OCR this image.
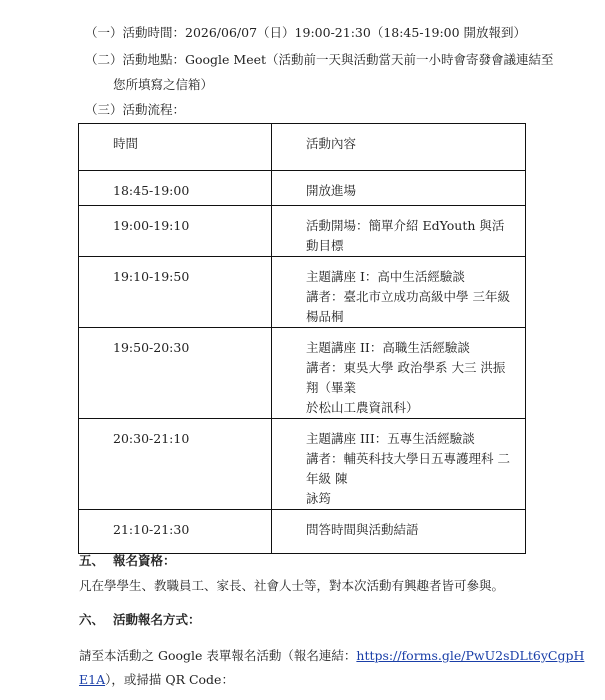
（一）活動時間：2026/06/07（日）19:00-21:30（18:45-19:00 開放報到）
（二）活動地點：Google Meet（活動前一天與活動當天前一小時會寄發會議連結至
您所填寫之信箱）
（三）活動流程：
時間	活動內容
18:45-19:00	開放進場

19:00-19:10	活動開場：簡單介紹 EdYouth 與活動目標

19:10-19:50	主題講座 I：高中生活經驗談
講者：臺北市立成功高級中學 三年級 楊品桐

19:50-20:30	主題講座 II：高職生活經驗談
講者：東吳大學 政治學系 大三 洪振翔（畢業
於松山工農資訊科）

20:30-21:10	主題講座 III：五專生活經驗談
講者：輔英科技大學日五專護理科 二年級 陳
詠筠

21:10-21:30	問答時間與活動結語
五、 報名資格：
凡在學學生、教職員工、家長、社會人士等，對本次活動有興趣者皆可參與。
六、 活動報名方式：
請至本活動之 Google 表單報名活動（報名連結：https://forms.gle/PwU2sDLt6yCgpH
E1A），或掃描 QR Code：
